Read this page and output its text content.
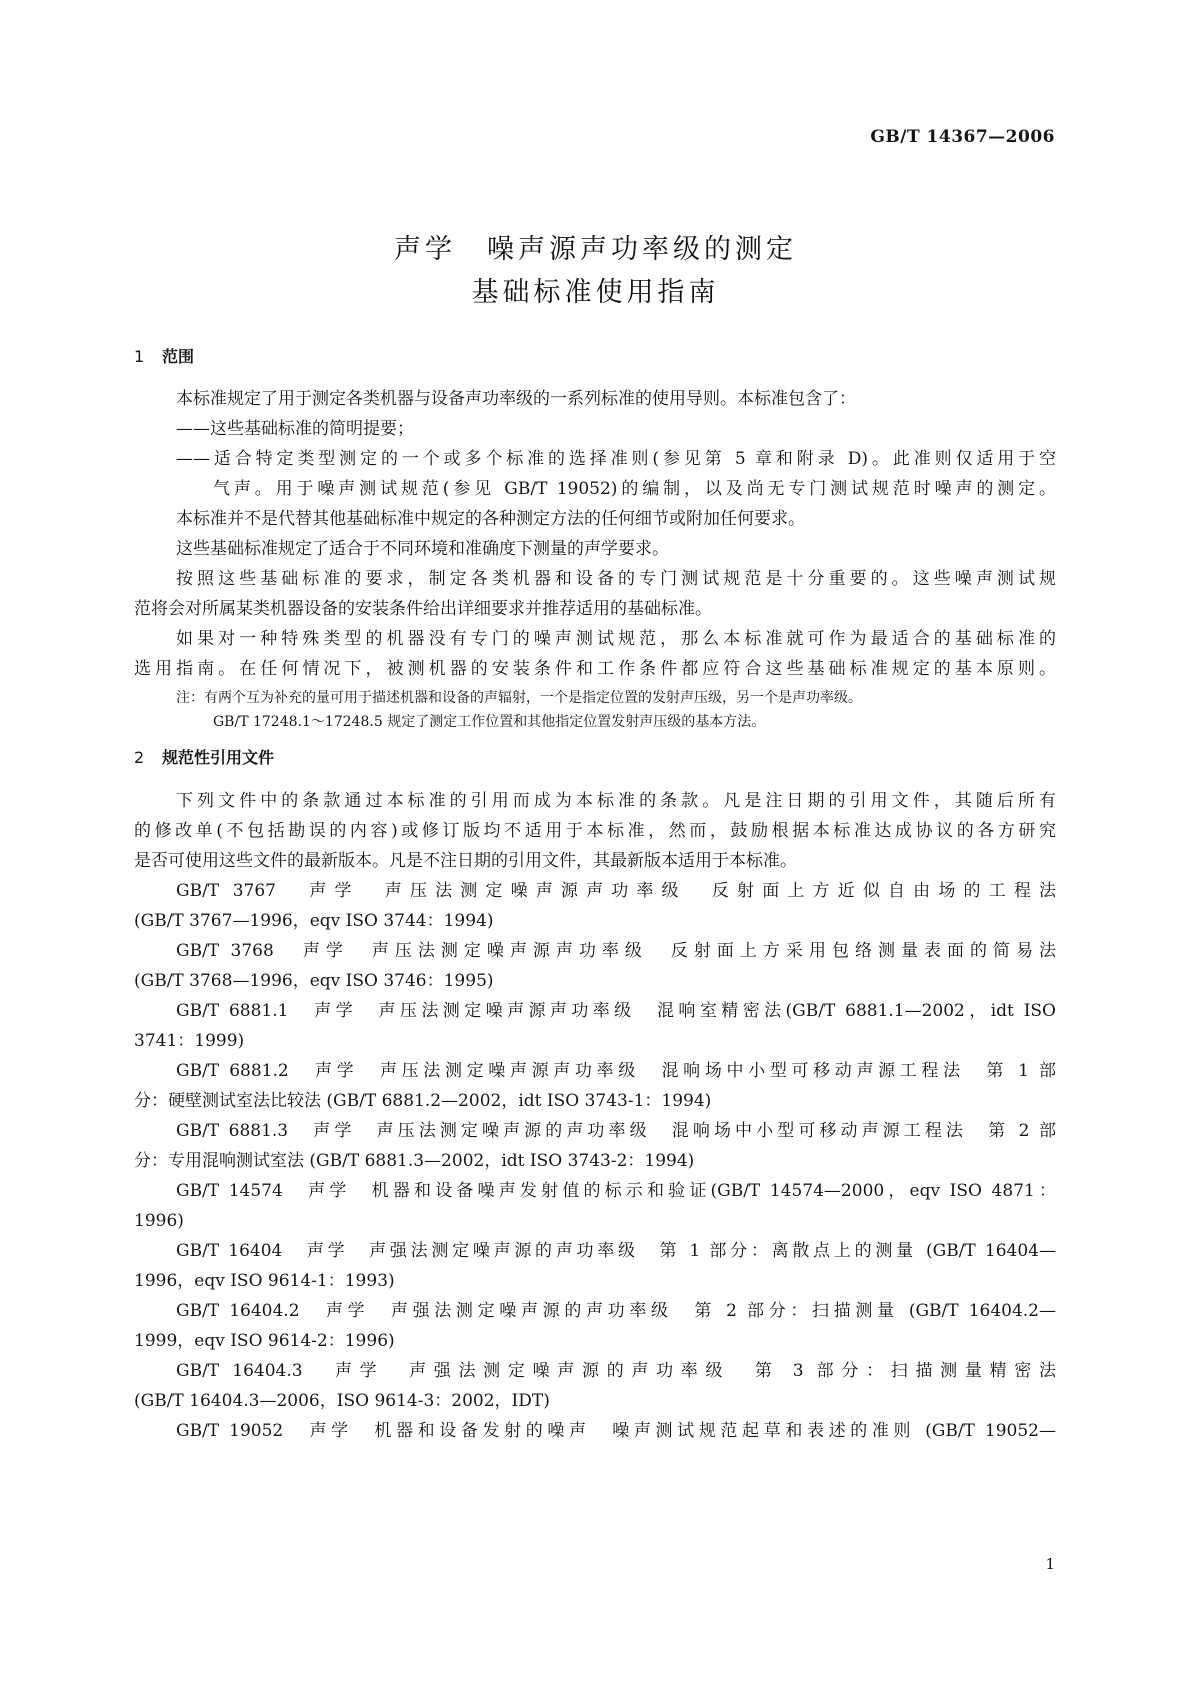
GB/T 14367—2006
声学　噪声源声功率级的测定
基础标准使用指南
1 范围
本标准规定了用于测定各类机器与设备声功率级的一系列标准的使用导则。本标准包含了：
——这些基础标准的简明提要；
——适合特定类型测定的一个或多个标准的选择准则(参见第 5 章和附录 D)。此准则仅适用于空
气声。用于噪声测试规范(参见 GB/T 19052)的编制，以及尚无专门测试规范时噪声的测定。
本标准并不是代替其他基础标准中规定的各种测定方法的任何细节或附加任何要求。
这些基础标准规定了适合于不同环境和准确度下测量的声学要求。
按照这些基础标准的要求，制定各类机器和设备的专门测试规范是十分重要的。这些噪声测试规
范将会对所属某类机器设备的安装条件给出详细要求并推荐适用的基础标准。
如果对一种特殊类型的机器没有专门的噪声测试规范，那么本标准就可作为最适合的基础标准的
选用指南。在任何情况下，被测机器的安装条件和工作条件都应符合这些基础标准规定的基本原则。
注：有两个互为补充的量可用于描述机器和设备的声辐射，一个是指定位置的发射声压级，另一个是声功率级。
GB/T 17248.1～17248.5 规定了测定工作位置和其他指定位置发射声压级的基本方法。
2 规范性引用文件
下列文件中的条款通过本标准的引用而成为本标准的条款。凡是注日期的引用文件，其随后所有
的修改单(不包括勘误的内容)或修订版均不适用于本标准，然而，鼓励根据本标准达成协议的各方研究
是否可使用这些文件的最新版本。凡是不注日期的引用文件，其最新版本适用于本标准。
GB/T 3767　声学　声压法测定噪声源声功率级　反射面上方近似自由场的工程法
(GB/T 3767—1996，eqv ISO 3744：1994)
GB/T 3768　声学　声压法测定噪声源声功率级　反射面上方采用包络测量表面的简易法
(GB/T 3768—1996，eqv ISO 3746：1995)
GB/T 6881.1　声学　声压法测定噪声源声功率级　混响室精密法(GB/T 6881.1—2002，idt ISO
3741：1999)
GB/T 6881.2　声学　声压法测定噪声源声功率级　混响场中小型可移动声源工程法　第 1 部
分：硬壁测试室法比较法 (GB/T 6881.2—2002，idt ISO 3743-1：1994)
GB/T 6881.3　声学　声压法测定噪声源的声功率级　混响场中小型可移动声源工程法　第 2 部
分：专用混响测试室法 (GB/T 6881.3—2002，idt ISO 3743-2：1994)
GB/T 14574　声学　机器和设备噪声发射值的标示和验证(GB/T 14574—2000，eqv ISO 4871：
1996)
GB/T 16404　声学　声强法测定噪声源的声功率级　第 1 部分：离散点上的测量 (GB/T 16404—
1996，eqv ISO 9614-1：1993)
GB/T 16404.2　声学　声强法测定噪声源的声功率级　第 2 部分：扫描测量 (GB/T 16404.2—
1999，eqv ISO 9614-2：1996)
GB/T 16404.3　声学　声强法测定噪声源的声功率级　第 3 部分：扫描测量精密法
(GB/T 16404.3—2006，ISO 9614-3：2002，IDT)
GB/T 19052　声学　机器和设备发射的噪声　噪声测试规范起草和表述的准则 (GB/T 19052—
1
